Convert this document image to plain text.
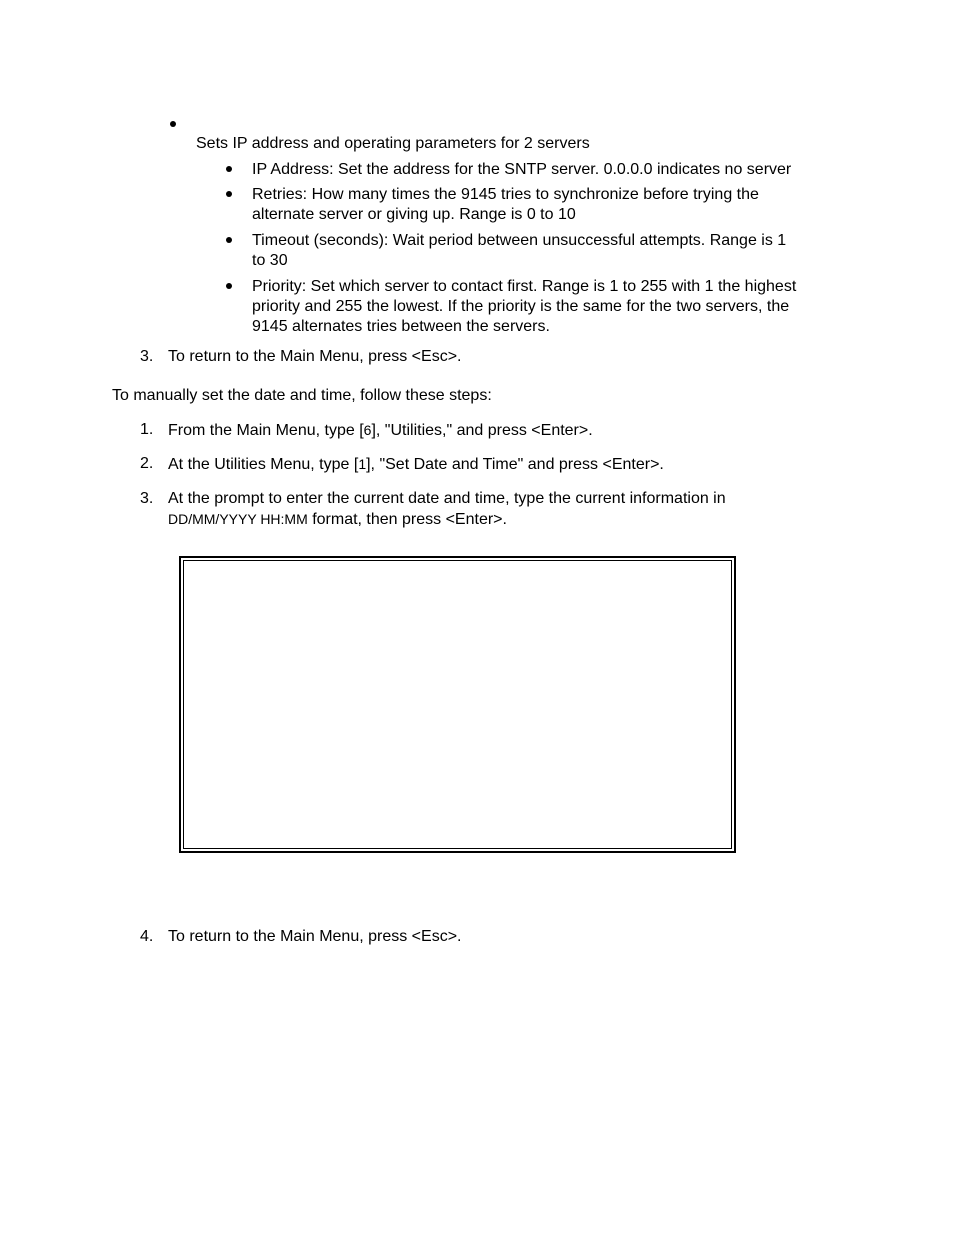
Sets IP address and operating parameters for 2 servers
IP Address: Set the address for the SNTP server. 0.0.0.0 indicates no server
Retries: How many times the 9145 tries to synchronize before trying the
alternate server or giving up. Range is 0 to 10
Timeout (seconds): Wait period between unsuccessful attempts. Range is 1
to 30
Priority: Set which server to contact first. Range is 1 to 255 with 1 the highest
priority and 255 the lowest. If the priority is the same for the two servers, the
9145 alternates tries between the servers.
3. To return to the Main Menu, press <Esc>.
To manually set the date and time, follow these steps:
1. From the Main Menu, type [6], "Utilities," and press <Enter>.
2. At the Utilities Menu, type [1], "Set Date and Time" and press <Enter>.
3. At the prompt to enter the current date and time, type the current information in
DD/MM/YYYY HH:MM format, then press <Enter>.
4. To return to the Main Menu, press <Esc>.
